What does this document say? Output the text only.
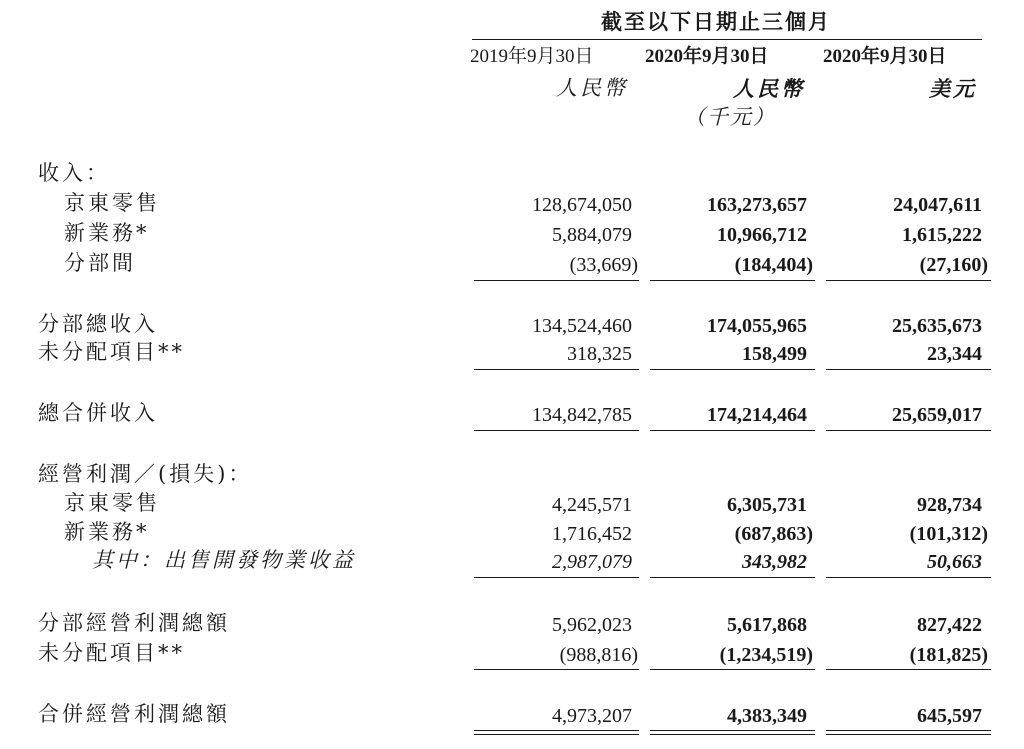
截至以下日期止三個月
2019年9月30日	2020年9月30日	2020年9月30日
人民幣	人民幣	美元
（千元）
收入：
京東零售	128,674,050	163,273,657	24,047,611
新業務*	5,884,079	10,966,712	1,615,222
分部間	(33,669)	(184,404)	(27,160)
分部總收入	134,524,460	174,055,965	25,635,673
未分配項目**	318,325	158,499	23,344
總合併收入	134,842,785	174,214,464	25,659,017
經營利潤／(損失)：
京東零售	4,245,571	6,305,731	928,734
新業務*	1,716,452	(687,863)	(101,312)
其中：出售開發物業收益	2,987,079	343,982	50,663
分部經營利潤總額	5,962,023	5,617,868	827,422
未分配項目**	(988,816)	(1,234,519)	(181,825)
合併經營利潤總額	4,973,207	4,383,349	645,597
